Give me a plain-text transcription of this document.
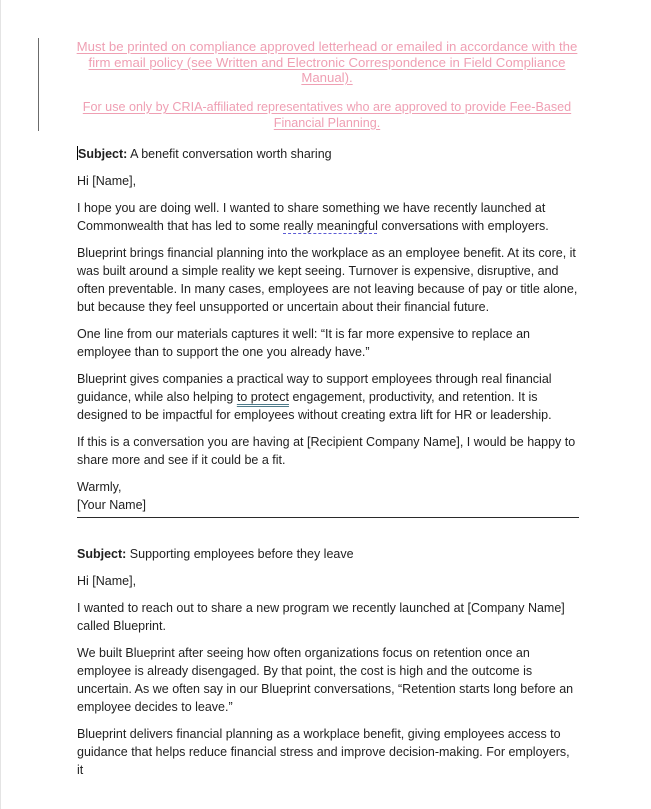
Must be printed on compliance approved letterhead or emailed in accordance with the firm email policy (see Written and Electronic Correspondence in Field Compliance Manual).
For use only by CRIA-affiliated representatives who are approved to provide Fee-Based Financial Planning.

Subject: A benefit conversation worth sharing

Hi [Name],

I hope you are doing well. I wanted to share something we have recently launched at Commonwealth that has led to some really meaningful conversations with employers.

Blueprint brings financial planning into the workplace as an employee benefit. At its core, it was built around a simple reality we kept seeing. Turnover is expensive, disruptive, and often preventable. In many cases, employees are not leaving because of pay or title alone, but because they feel unsupported or uncertain about their financial future.

One line from our materials captures it well: “It is far more expensive to replace an employee than to support the one you already have.”

Blueprint gives companies a practical way to support employees through real financial guidance, while also helping to protect engagement, productivity, and retention. It is designed to be impactful for employees without creating extra lift for HR or leadership.

If this is a conversation you are having at [Recipient Company Name], I would be happy to share more and see if it could be a fit.

Warmly,

[Your Name]

Subject: Supporting employees before they leave

Hi [Name],

I wanted to reach out to share a new program we recently launched at [Company Name] called Blueprint.

We built Blueprint after seeing how often organizations focus on retention once an employee is already disengaged. By that point, the cost is high and the outcome is uncertain. As we often say in our Blueprint conversations, “Retention starts long before an employee decides to leave.”

Blueprint delivers financial planning as a workplace benefit, giving employees access to guidance that helps reduce financial stress and improve decision-making. For employers, it
